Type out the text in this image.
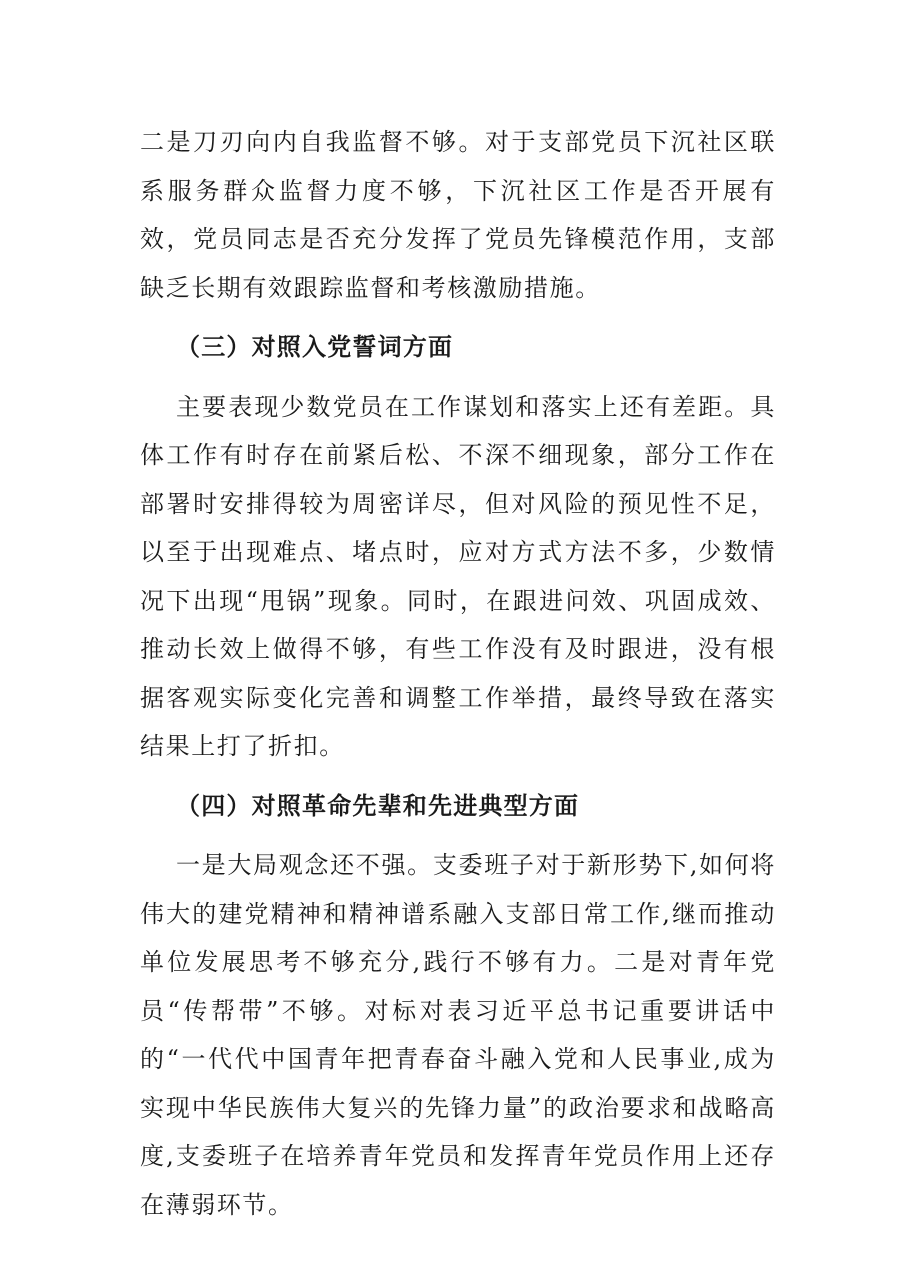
二是刀刃向内自我监督不够。对于支部党员下沉社区联系服务群众监督力度不够，下沉社区工作是否开展有效，党员同志是否充分发挥了党员先锋模范作用，支部缺乏长期有效跟踪监督和考核激励措施。

（三）对照入党誓词方面

主要表现少数党员在工作谋划和落实上还有差距。具体工作有时存在前紧后松、不深不细现象，部分工作在部署时安排得较为周密详尽，但对风险的预见性不足，以至于出现难点、堵点时，应对方式方法不多，少数情况下出现“甩锅”现象。同时，在跟进问效、巩固成效、推动长效上做得不够，有些工作没有及时跟进，没有根据客观实际变化完善和调整工作举措，最终导致在落实结果上打了折扣。

（四）对照革命先辈和先进典型方面

一是大局观念还不强。支委班子对于新形势下,如何将伟大的建党精神和精神谱系融入支部日常工作,继而推动单位发展思考不够充分,践行不够有力。二是对青年党员“传帮带”不够。对标对表习近平总书记重要讲话中的“一代代中国青年把青春奋斗融入党和人民事业,成为实现中华民族伟大复兴的先锋力量”的政治要求和战略高度,支委班子在培养青年党员和发挥青年党员作用上还存在薄弱环节。
